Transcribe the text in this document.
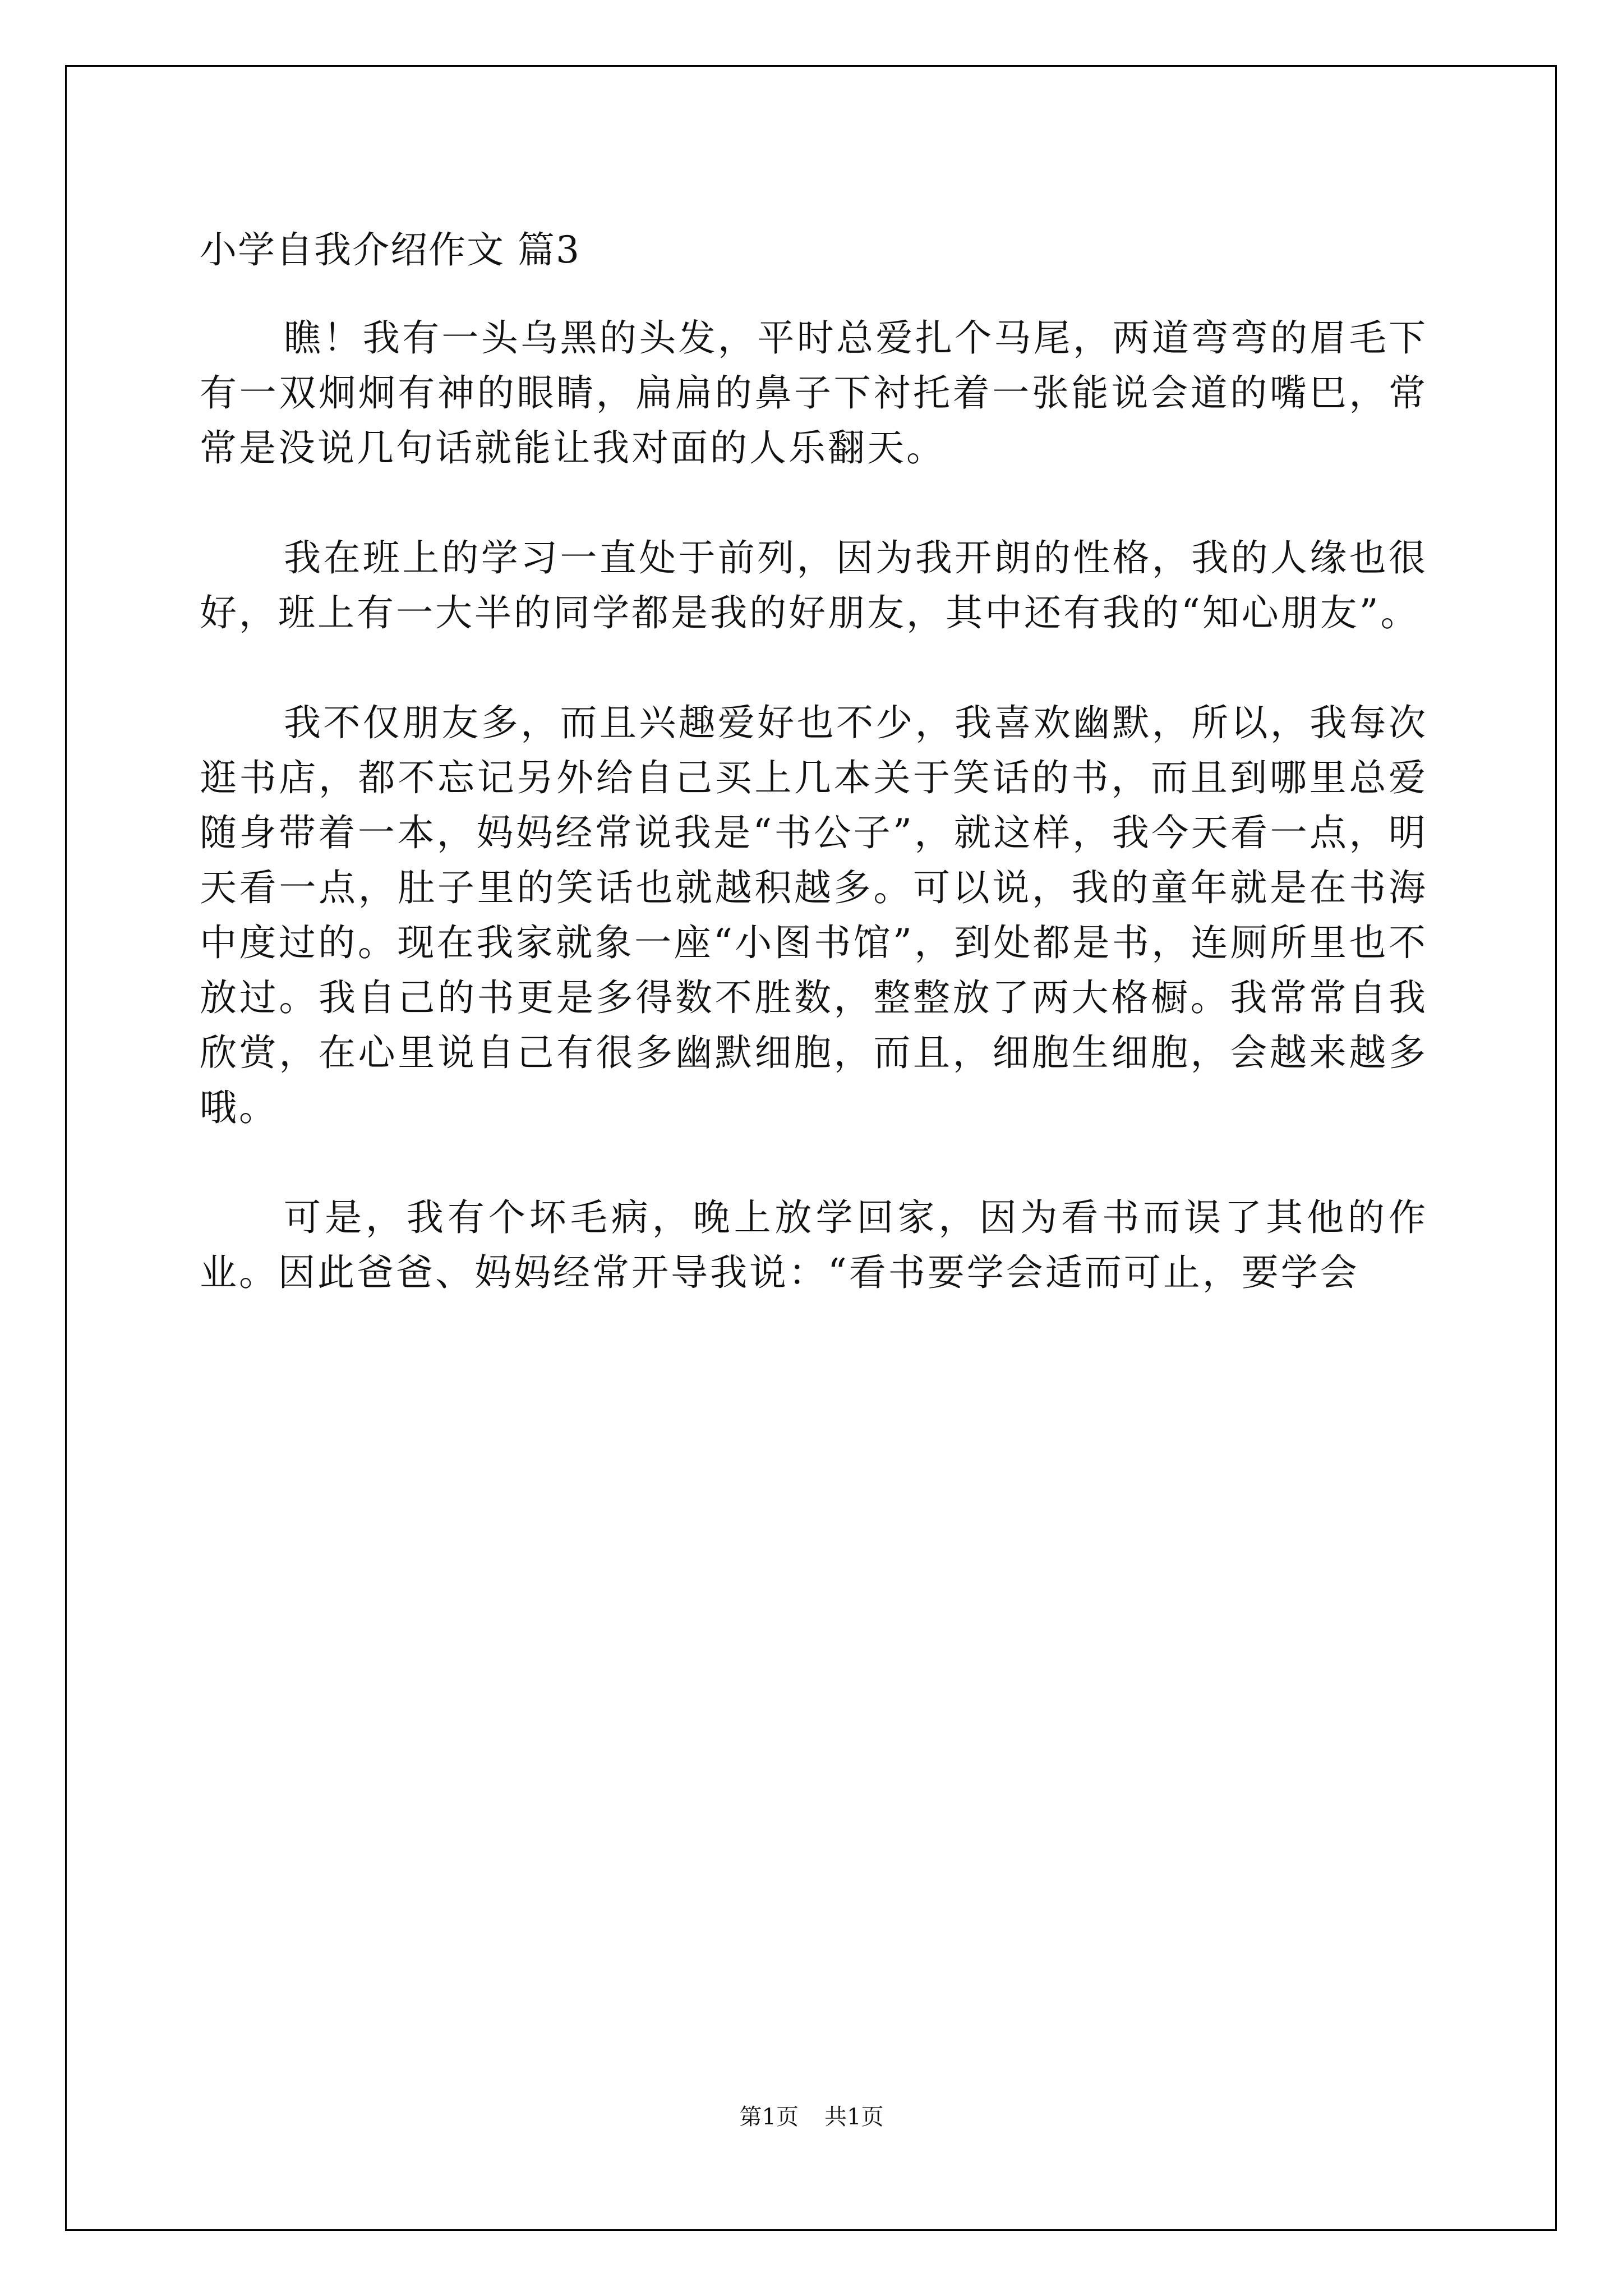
小学自我介绍作文 篇3

瞧！我有一头乌黑的头发，平时总爱扎个马尾，两道弯弯的眉毛下有一双炯炯有神的眼睛，扁扁的鼻子下衬托着一张能说会道的嘴巴，常常是没说几句话就能让我对面的人乐翻天。

我在班上的学习一直处于前列，因为我开朗的性格，我的人缘也很好，班上有一大半的同学都是我的好朋友，其中还有我的“知心朋友”。

我不仅朋友多，而且兴趣爱好也不少，我喜欢幽默，所以，我每次逛书店，都不忘记另外给自己买上几本关于笑话的书，而且到哪里总爱随身带着一本，妈妈经常说我是“书公子”，就这样，我今天看一点，明天看一点，肚子里的笑话也就越积越多。可以说，我的童年就是在书海中度过的。现在我家就象一座“小图书馆”，到处都是书，连厕所里也不放过。我自己的书更是多得数不胜数，整整放了两大格橱。我常常自我欣赏，在心里说自己有很多幽默细胞，而且，细胞生细胞，会越来越多哦。

可是，我有个坏毛病，晚上放学回家，因为看书而误了其他的作业。因此爸爸、妈妈经常开导我说：“看书要学会适而可止，要学会

第1页 共1页
